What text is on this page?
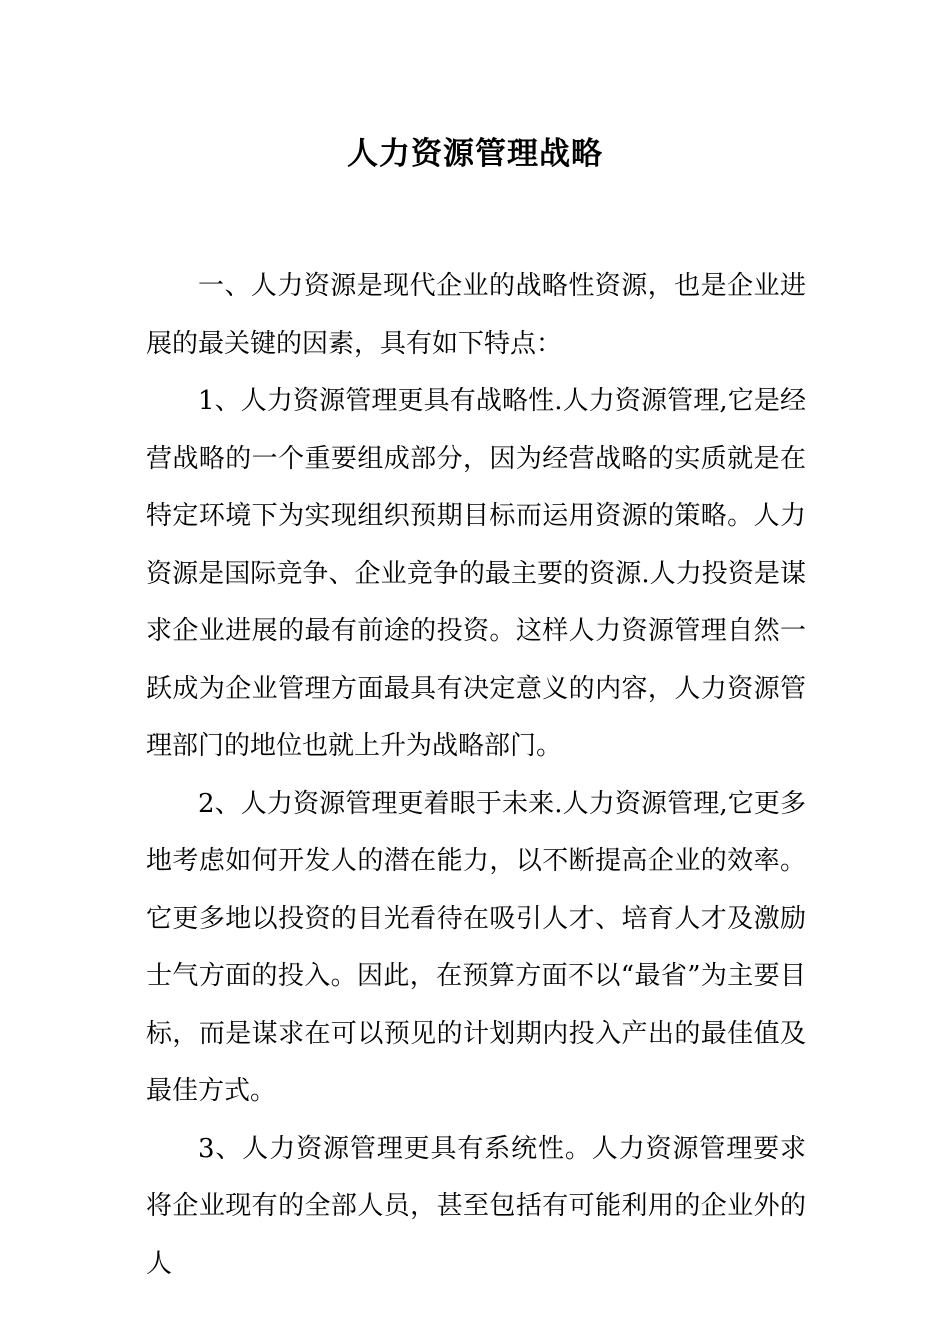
人力资源管理战略

一、人力资源是现代企业的战略性资源，也是企业进展的最关键的因素，具有如下特点：

1、人力资源管理更具有战略性.人力资源管理,它是经营战略的一个重要组成部分，因为经营战略的实质就是在特定环境下为实现组织预期目标而运用资源的策略。人力资源是国际竞争、企业竞争的最主要的资源.人力投资是谋求企业进展的最有前途的投资。这样人力资源管理自然一跃成为企业管理方面最具有决定意义的内容，人力资源管理部门的地位也就上升为战略部门。

2、人力资源管理更着眼于未来.人力资源管理,它更多地考虑如何开发人的潜在能力，以不断提高企业的效率。它更多地以投资的目光看待在吸引人才、培育人才及激励士气方面的投入。因此，在预算方面不以“最省”为主要目标，而是谋求在可以预见的计划期内投入产出的最佳值及最佳方式。

3、人力资源管理更具有系统性。人力资源管理要求将企业现有的全部人员，甚至包括有可能利用的企业外的人
